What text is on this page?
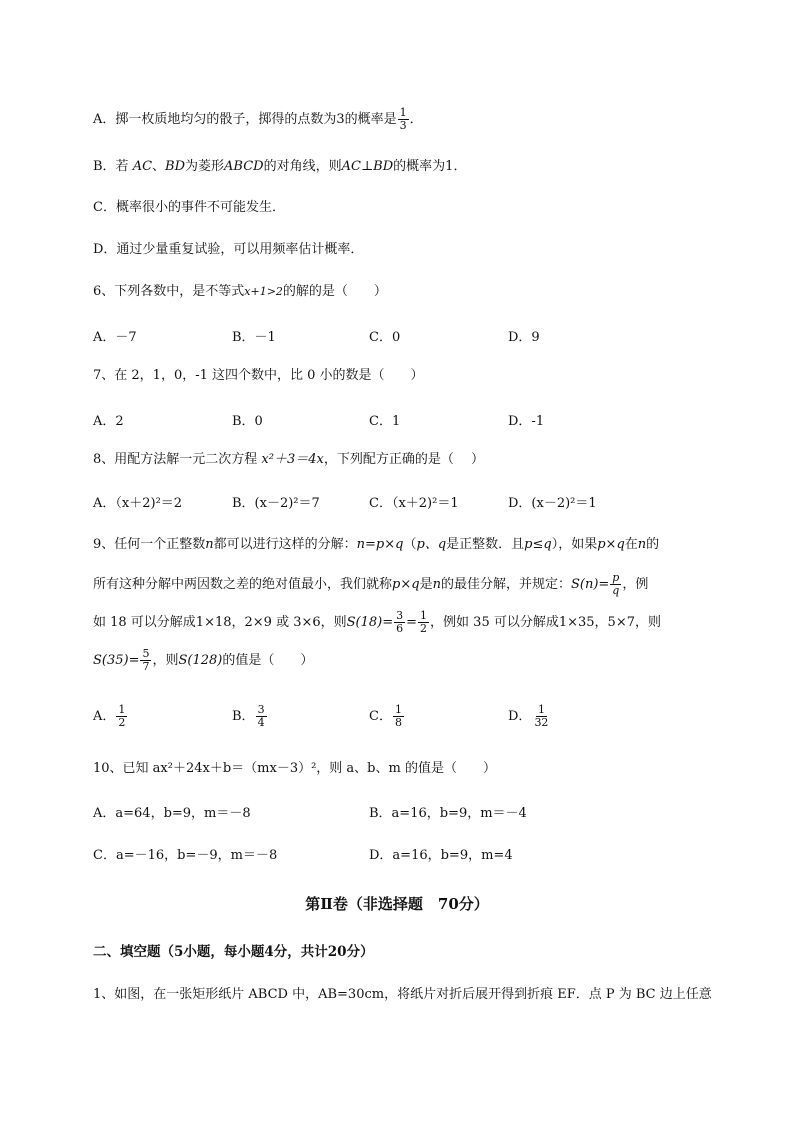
A．掷一枚质地均匀的骰子，掷得的点数为3的概率是 $\frac{1}{3}$ ．
B．若 AC、BD为菱形ABCD的对角线，则AC⊥BD的概率为1．
C．概率很小的事件不可能发生．
D．通过少量重复试验，可以用频率估计概率．
6、下列各数中，是不等式x+1>2的解的是（　　）
A．－7	B．－1	C．0	D．9
7、在 2，1，0，-1 这四个数中，比 0 小的数是（　　）
A．2	B．0	C．1	D．-1
8、用配方法解一元二次方程 x²＋3＝4x，下列配方正确的是（　 ）
A．（x＋2)²＝2	B．(x－2)²＝7	C．（x＋2)²＝1	D．(x－2)²＝1
9、任何一个正整数n都可以进行这样的分解：n=p×q（p、q是正整数．且p≤q），如果p×q在n的
所有这种分解中两因数之差的绝对值最小，我们就称p×q是n的最佳分解，并规定：$S(n)= \frac{p}{q}$ ，例
如 18 可以分解成1×18，2×9 或 3×6，则$S(18)= \frac{3}{6} = \frac{1}{2}$ ，例如 35 可以分解成1×35，5×7，则
$S(35)= \frac{5}{7}$ ，则S(128)的值是（　　）
A． $\frac{1}{2}$	B． $\frac{3}{4}$	C． $\frac{1}{8}$	D． $\frac{1}{32}$
10、已知 ax²＋24x＋b＝（mx－3）²，则 a、b、m 的值是（　　）
A．a=64，b=9，m＝－8	B．a=16，b=9，m＝－4
C．a=－16，b=－9，m＝－8	D．a=16，b=9，m=4
第Ⅱ卷（非选择题　70分）
二、填空题（5小题，每小题4分，共计20分）
1、如图，在一张矩形纸片 ABCD 中，AB=30cm，将纸片对折后展开得到折痕 EF．点 P 为 BC 边上任意
